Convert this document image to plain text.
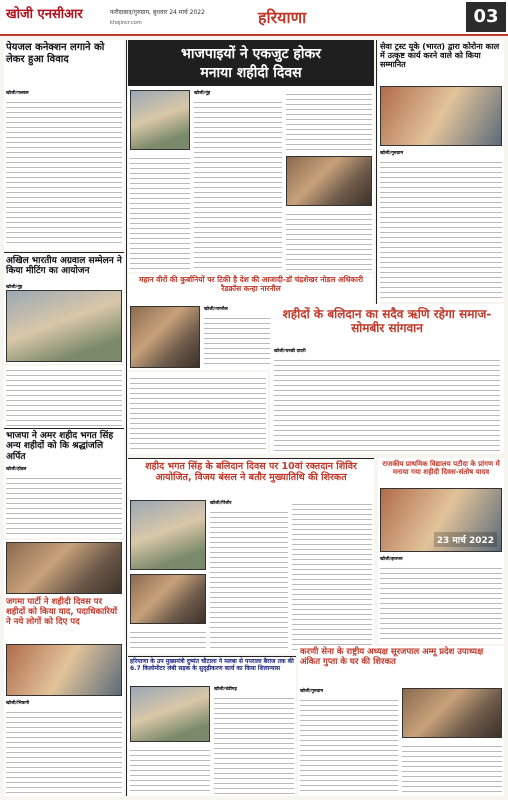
खोजी एनसीआर	फरीदाबाद/गुरुग्राम, बुधवार 24 मार्च 2022
khojincr.com	हरियाणा	03
पेयजल कनेक्शन लगाने को लेकर हुआ विवाद
खोजी/पलवल
अखिल भारतीय अग्रवाल सम्मेलन ने किया मीटिंग का आयोजन
खोजी/नूंह
भाजपा ने अमर शहीद भगत सिंह अन्य शहीदों को कि श्रद्धांजलि अर्पित
खोजी/होडल
जगमा पार्टी ने शहीदी दिवस पर शहीदों को किया याद, पदाधिकारियों ने नये लोगों को दिए पद
खोजी/भिवानी
भाजपाइयों ने एकजुट होकर
मनाया शहीदी दिवस
खोजी/नूंह
सेवा ट्रस्ट यूके (भारत) द्वारा कोरोना काल में उत्कृष्ट कार्य करने वाले को किया सम्मानित
खोजी/गुरुग्राम
महान वीरों की कुर्बानियों पर टिकी है देश की आजादी-डॉ चंद्रशेखर नोडल अधिकारी रैडक्रॉस कन्हा नारनौल
खोजी/नारनौल	शहीदों के बलिदान का सदैव ऋणि रहेगा समाज-सोमबीर सांगवान
खोजी/चरखी दादरी
शहीद भगत सिंह के बलिदान दिवस पर 10वां रक्तदान शिविर आयोजित, विजय बंसल ने बतौर मुख्यातिथि की शिरकत
खोजी/पिंजौर
राजकीय प्राथमिक विद्यालय पटौदा के प्रांगण में मनाया गया शहीदी दिवस-संतोष यादव
23 मार्च 2022
खोजी/झज्जर
हरियाणा के उप मुख्यमंत्री दुष्यंत चौटाला ने मलबा से पपराला बैराज तक की 6.7 किलोमीटर लंबी सड़क के सुदृढ़ीकरण कार्य का किया शिलान्यास
खोजी/चंडीगढ़
करणी सेना के राष्ट्रीय अध्यक्ष सूरजपाल अम्मू प्रदेश उपाध्यक्ष अंकित गुप्ता के घर की शिरकत
खोजी/गुरुग्राम
